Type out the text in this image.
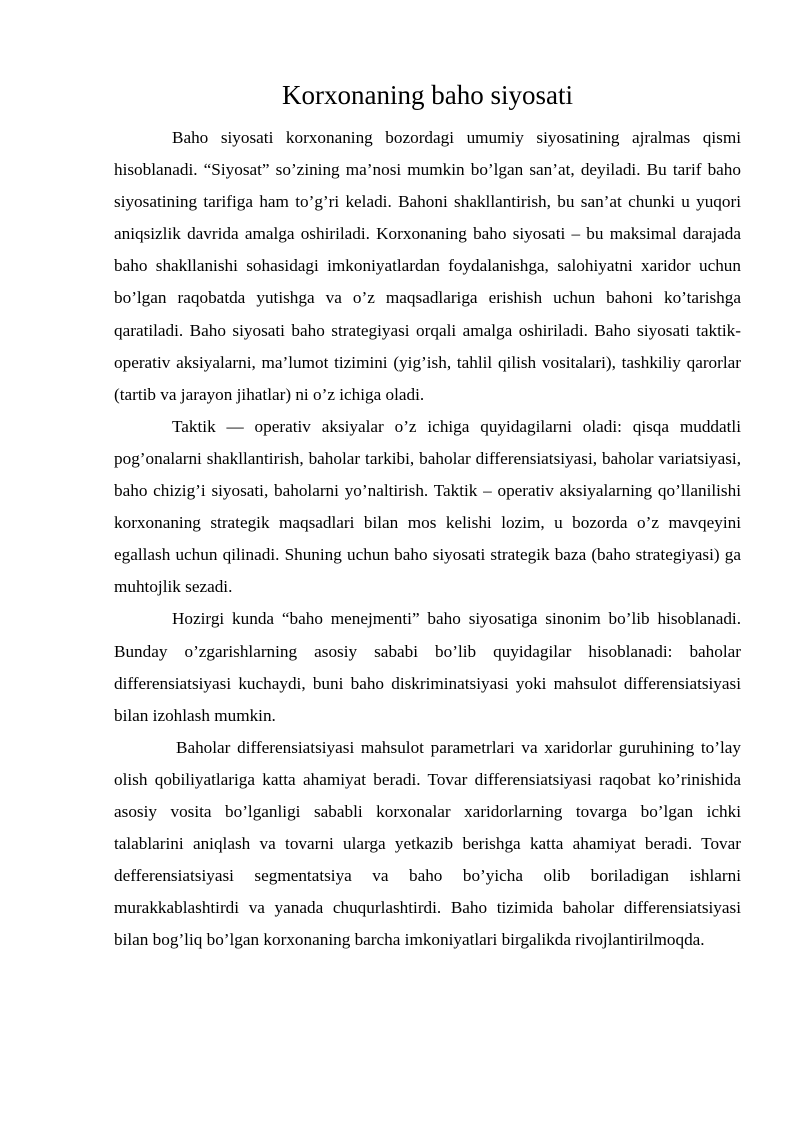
Korxonaning baho siyosati

Baho siyosati korxonaning bozordagi umumiy siyosatining ajralmas qismi hisoblanadi. “Siyosat” so’zining ma’nosi mumkin bo’lgan san’at, deyiladi. Bu tarif baho siyosatining tarifiga ham to’g’ri keladi. Bahoni shakllantirish, bu san’at chunki u yuqori aniqsizlik davrida amalga oshiriladi. Korxonaning baho siyosati – bu maksimal darajada baho shakllanishi sohasidagi imkoniyatlardan foydalanishga, salohiyatni xaridor uchun bo’lgan raqobatda yutishga va o’z maqsadlariga erishish uchun bahoni ko’tarishga qaratiladi. Baho siyosati baho strategiyasi orqali amalga oshiriladi. Baho siyosati taktik-operativ aksiyalarni, ma’lumot tizimini (yig’ish, tahlil qilish vositalari), tashkiliy qarorlar (tartib va jarayon jihatlar) ni o’z ichiga oladi.

Taktik — operativ aksiyalar o’z ichiga quyidagilarni oladi: qisqa muddatli pog’onalarni shakllantirish, baholar tarkibi, baholar differensiatsiyasi, baholar variatsiyasi, baho chizig’i siyosati, baholarni yo’naltirish. Taktik – operativ aksiyalarning qo’llanilishi korxonaning strategik maqsadlari bilan mos kelishi lozim, u bozorda o’z mavqeyini egallash uchun qilinadi. Shuning uchun baho siyosati strategik baza (baho strategiyasi) ga muhtojlik sezadi.

Hozirgi kunda “baho menejmenti” baho siyosatiga sinonim bo’lib hisoblanadi. Bunday o’zgarishlarning asosiy sababi bo’lib quyidagilar hisoblanadi: baholar differensiatsiyasi kuchaydi, buni baho diskriminatsiyasi yoki mahsulot differensiatsiyasi bilan izohlash mumkin.

Baholar differensiatsiyasi mahsulot parametrlari va xaridorlar guruhining to’lay olish qobiliyatlariga katta ahamiyat beradi. Tovar differensiatsiyasi raqobat ko’rinishida asosiy vosita bo’lganligi sababli korxonalar xaridorlarning tovarga bo’lgan ichki talablarini aniqlash va tovarni ularga yetkazib berishga katta ahamiyat beradi. Tovar defferensiatsiyasi segmentatsiya va baho bo’yicha olib boriladigan ishlarni murakkablashtirdi va yanada chuqurlashtirdi. Baho tizimida baholar differensiatsiyasi bilan bog’liq bo’lgan korxonaning barcha imkoniyatlari birgalikda rivojlantirilmoqda.
